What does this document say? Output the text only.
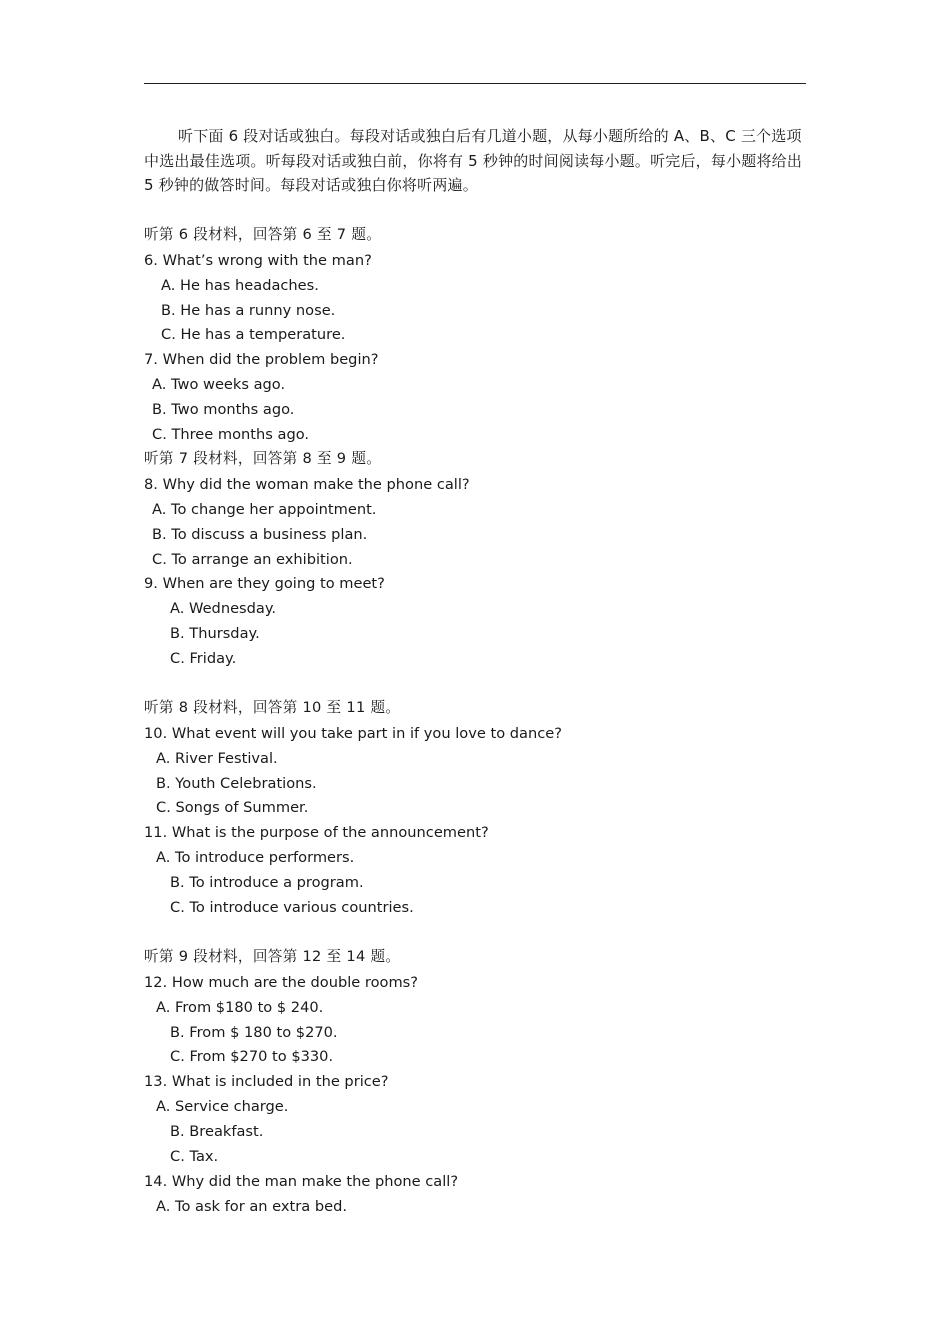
听下面 6 段对话或独白。每段对话或独白后有几道小题，从每小题所给的 A、B、C 三个选项中选出最佳选项。听每段对话或独白前，你将有 5 秒钟的时间阅读每小题。听完后，每小题将给出 5 秒钟的做答时间。每段对话或独白你将听两遍。

听第 6 段材料，回答第 6 至 7 题。

6. What’s wrong with the man?

A. He has headaches.

B. He has a runny nose.

C. He has a temperature.

7. When did the problem begin?

A. Two weeks ago.

B. Two months ago.

C. Three months ago.

听第 7 段材料，回答第 8 至 9 题。

8. Why did the woman make the phone call?

A. To change her appointment.

B. To discuss a business plan.

C. To arrange an exhibition.

9. When are they going to meet?

A. Wednesday.

B. Thursday.

C. Friday.

听第 8 段材料，回答第 10 至 11 题。

10. What event will you take part in if you love to dance?

A. River Festival.

B. Youth Celebrations.

C. Songs of Summer.

11. What is the purpose of the announcement?

A. To introduce performers.

B. To introduce a program.

C. To introduce various countries.

听第 9 段材料，回答第 12 至 14 题。

12. How much are the double rooms?

A. From $180 to $ 240.

B. From $ 180 to $270.

C. From $270 to $330.

13. What is included in the price?

A. Service charge.

B. Breakfast.

C. Tax.

14. Why did the man make the phone call?

A. To ask for an extra bed.
